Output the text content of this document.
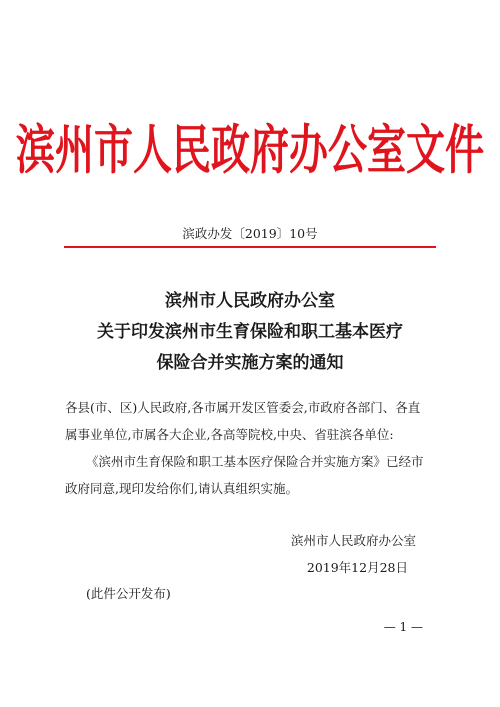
滨州市人民政府办公室文件
滨政办发〔2019〕10号
滨州市人民政府办公室
关于印发滨州市生育保险和职工基本医疗
保险合并实施方案的通知
各县(市、区)人民政府,各市属开发区管委会,市政府各部门、各直
属事业单位,市属各大企业,各高等院校,中央、省驻滨各单位:
《滨州市生育保险和职工基本医疗保险合并实施方案》已经市
政府同意,现印发给你们,请认真组织实施。
滨州市人民政府办公室
2019年12月28日
(此件公开发布)
— 1 —
